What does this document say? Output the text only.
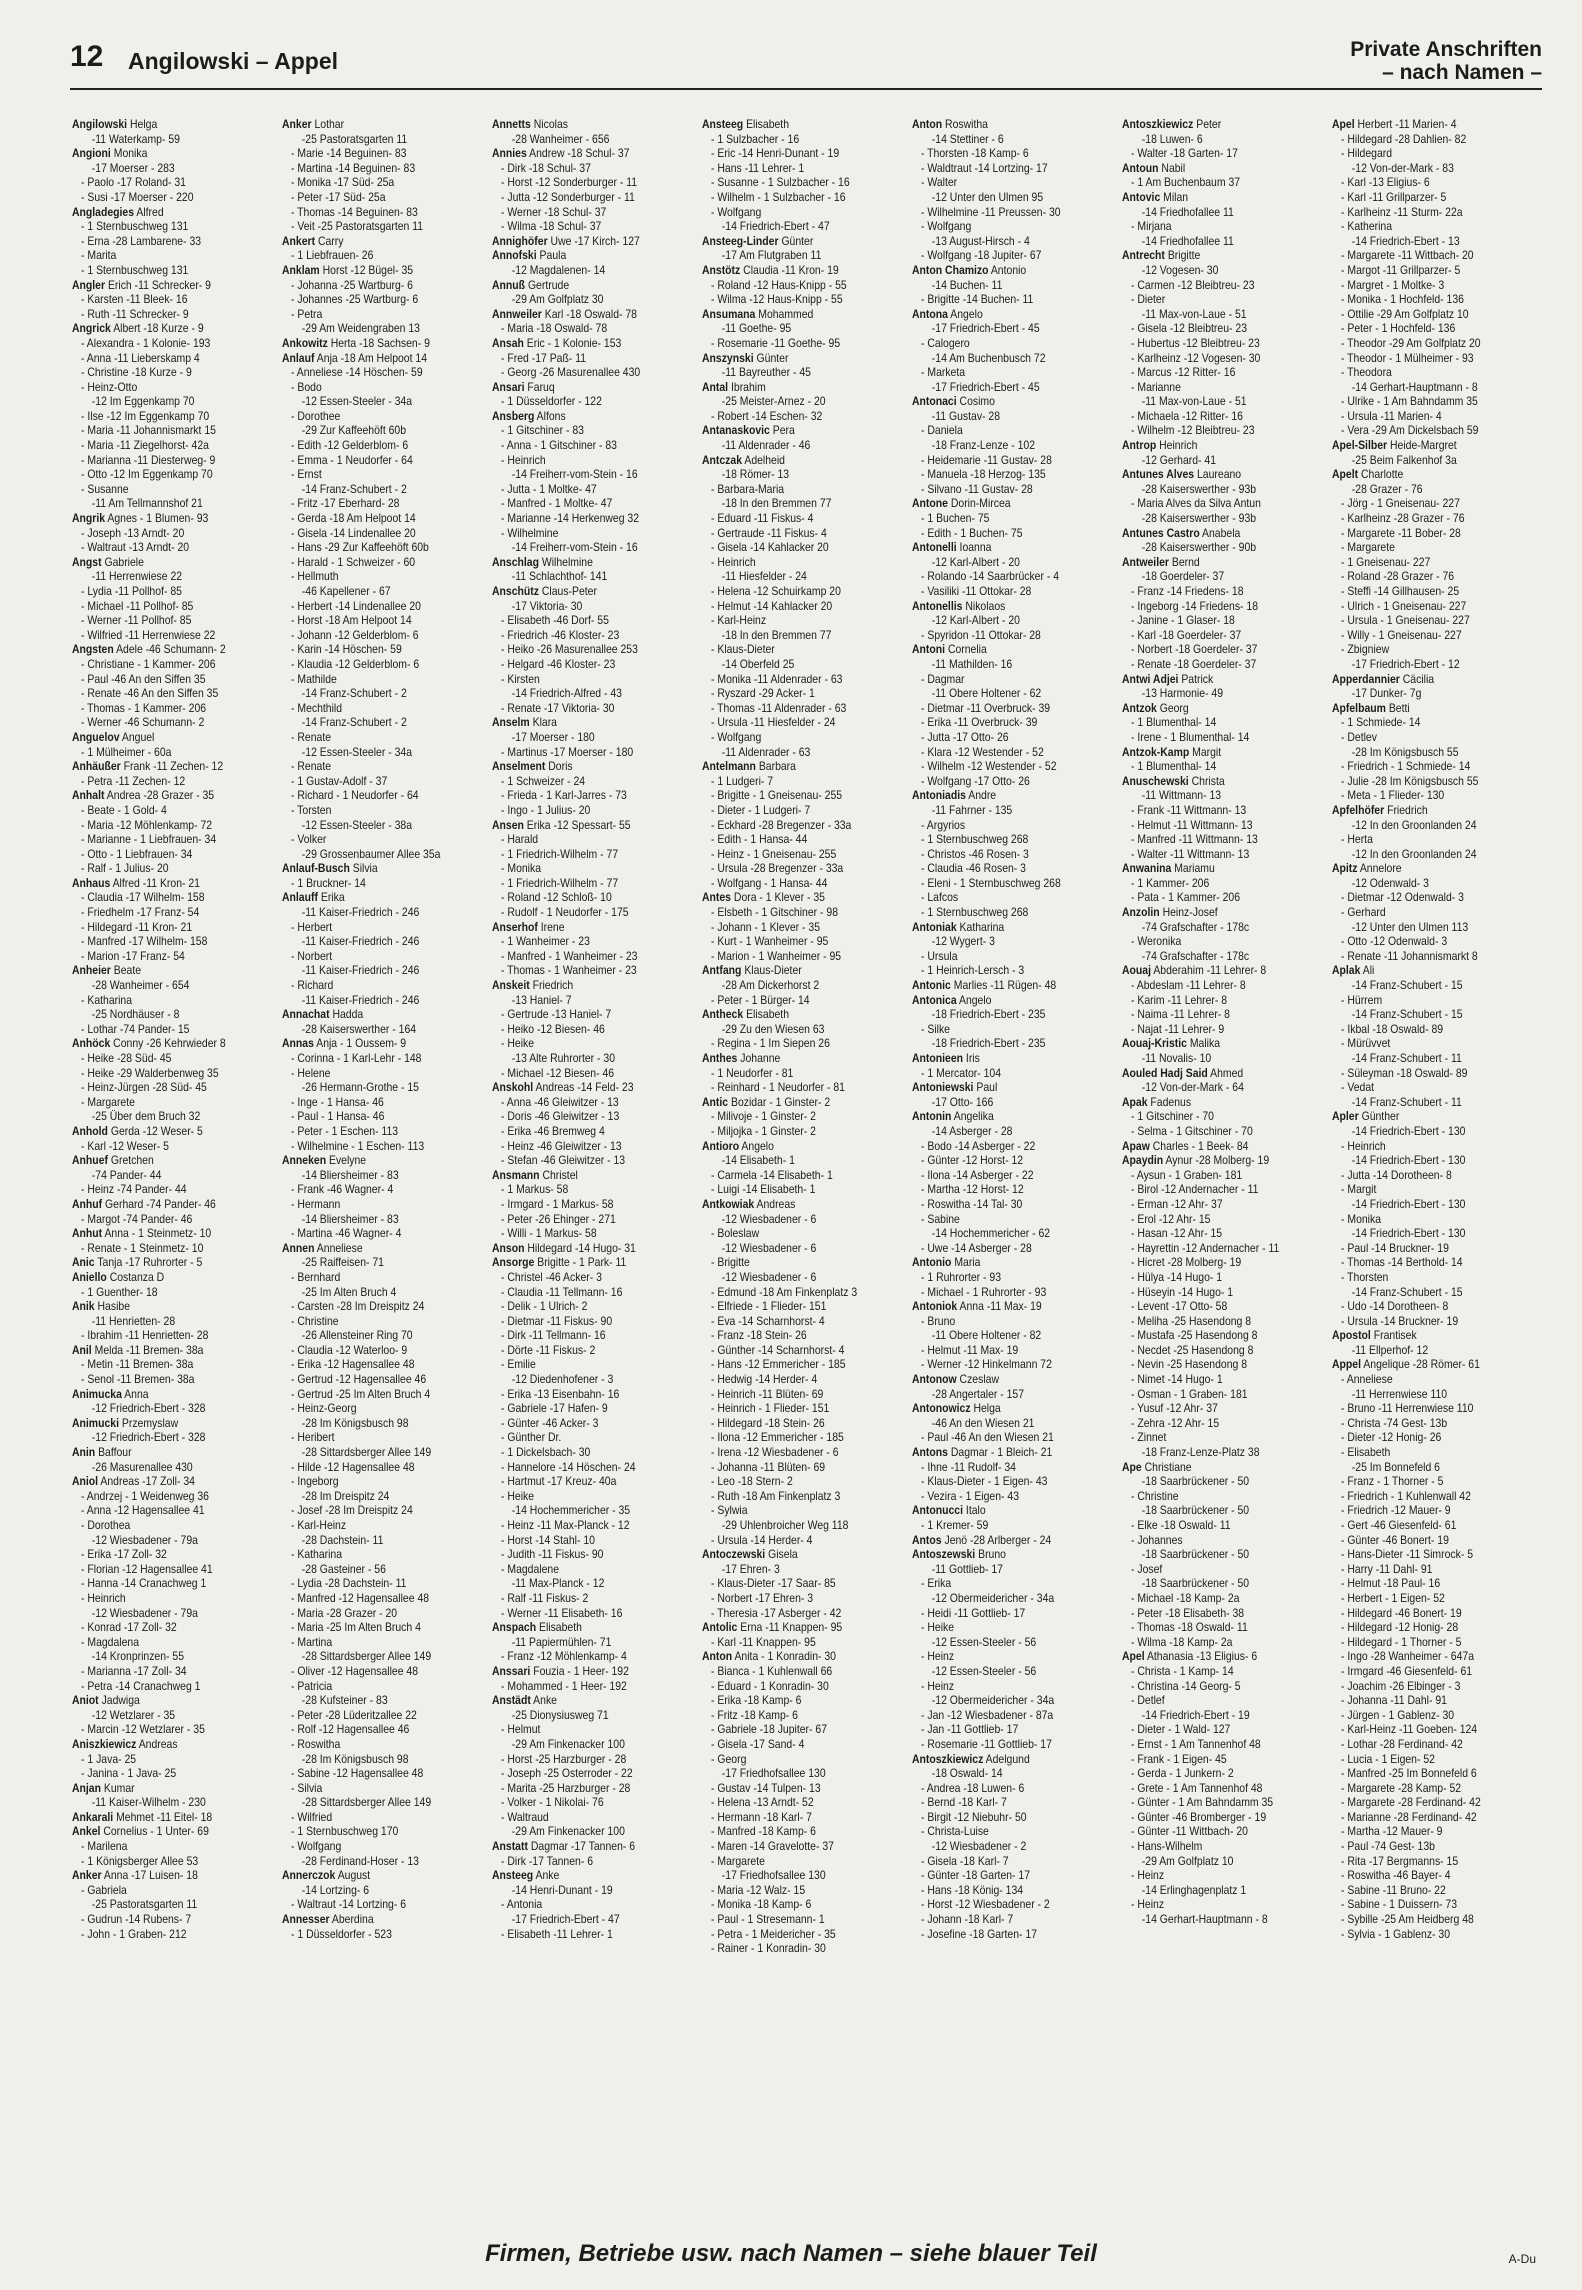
12 Angilowski – Appel	Private Anschriften
– nach Namen –
Angilowski Helga
-11 Waterkamp- 59
Angioni Monika
-17 Moerser - 283
- Paolo -17 Roland- 31
- Susi -17 Moerser - 220
Angladegies Alfred
- 1 Sternbuschweg 131
- Erna -28 Lambarene- 33
- Marita
- 1 Sternbuschweg 131
Angler Erich -11 Schrecker- 9
- Karsten -11 Bleek- 16
- Ruth -11 Schrecker- 9
Angrick Albert -18 Kurze - 9
- Alexandra - 1 Kolonie- 193
- Anna -11 Lieberskamp 4
- Christine -18 Kurze - 9
- Heinz-Otto
-12 Im Eggenkamp 70
- Ilse -12 Im Eggenkamp 70
- Maria -11 Johannismarkt 15
- Maria -11 Ziegelhorst- 42a
- Marianna -11 Diesterweg- 9
- Otto -12 Im Eggenkamp 70
- Susanne
-11 Am Tellmannshof 21
Angrik Agnes - 1 Blumen- 93
- Joseph -13 Arndt- 20
- Waltraut -13 Arndt- 20
Angst Gabriele
-11 Herrenwiese 22
- Lydia -11 Pollhof- 85
- Michael -11 Pollhof- 85
- Werner -11 Pollhof- 85
- Wilfried -11 Herrenwiese 22
Angsten Adele -46 Schumann- 2
- Christiane - 1 Kammer- 206
- Paul -46 An den Siffen 35
- Renate -46 An den Siffen 35
- Thomas - 1 Kammer- 206
- Werner -46 Schumann- 2
Anguelov Anguel
- 1 Mülheimer - 60a
Anhäußer Frank -11 Zechen- 12
- Petra -11 Zechen- 12
Anhalt Andrea -28 Grazer - 35
- Beate - 1 Gold- 4
- Maria -12 Möhlenkamp- 72
- Marianne - 1 Liebfrauen- 34
- Otto - 1 Liebfrauen- 34
- Ralf - 1 Julius- 20
Anhaus Alfred -11 Kron- 21
- Claudia -17 Wilhelm- 158
- Friedhelm -17 Franz- 54
- Hildegard -11 Kron- 21
- Manfred -17 Wilhelm- 158
- Marion -17 Franz- 54
Anheier Beate
-28 Wanheimer - 654
- Katharina
-25 Nordhäuser - 8
- Lothar -74 Pander- 15
Anhöck Conny -26 Kehrwieder 8
- Heike -28 Süd- 45
- Heike -29 Walderbenweg 35
- Heinz-Jürgen -28 Süd- 45
- Margarete
-25 Über dem Bruch 32
Anhold Gerda -12 Weser- 5
- Karl -12 Weser- 5
Anhuef Gretchen
-74 Pander- 44
- Heinz -74 Pander- 44
Anhuf Gerhard -74 Pander- 46
- Margot -74 Pander- 46
Anhut Anna - 1 Steinmetz- 10
- Renate - 1 Steinmetz- 10
Anic Tanja -17 Ruhrorter - 5
Aniello Costanza D
- 1 Guenther- 18
Anik Hasibe
-11 Henrietten- 28
- Ibrahim -11 Henrietten- 28
Anil Melda -11 Bremen- 38a
- Metin -11 Bremen- 38a
- Senol -11 Bremen- 38a
Animucka Anna
-12 Friedrich-Ebert - 328
Animucki Przemyslaw
-12 Friedrich-Ebert - 328
Anin Baffour
-26 Masurenallee 430
Aniol Andreas -17 Zoll- 34
- Andrzej - 1 Weidenweg 36
- Anna -12 Hagensallee 41
- Dorothea
-12 Wiesbadener - 79a
- Erika -17 Zoll- 32
- Florian -12 Hagensallee 41
- Hanna -14 Cranachweg 1
- Heinrich
-12 Wiesbadener - 79a
- Konrad -17 Zoll- 32
- Magdalena
-14 Kronprinzen- 55
- Marianna -17 Zoll- 34
- Petra -14 Cranachweg 1
Aniot Jadwiga
-12 Wetzlarer - 35
- Marcin -12 Wetzlarer - 35
Aniszkiewicz Andreas
- 1 Java- 25
- Janina - 1 Java- 25
Anjan Kumar
-11 Kaiser-Wilhelm - 230
Ankarali Mehmet -11 Eitel- 18
Ankel Cornelius - 1 Unter- 69
- Marilena
- 1 Königsberger Allee 53
Anker Anna -17 Luisen- 18
- Gabriela
-25 Pastoratsgarten 11
- Gudrun -14 Rubens- 7
- John - 1 Graben- 212
Anker Lothar
-25 Pastoratsgarten 11
- Marie -14 Beguinen- 83
- Martina -14 Beguinen- 83
- Monika -17 Süd- 25a
- Peter -17 Süd- 25a
- Thomas -14 Beguinen- 83
- Veit -25 Pastoratsgarten 11
Ankert Carry
- 1 Liebfrauen- 26
Anklam Horst -12 Bügel- 35
- Johanna -25 Wartburg- 6
- Johannes -25 Wartburg- 6
- Petra
-29 Am Weidengraben 13
Ankowitz Herta -18 Sachsen- 9
Anlauf Anja -18 Am Helpoot 14
- Anneliese -14 Höschen- 59
- Bodo
-12 Essen-Steeler - 34a
- Dorothee
-29 Zur Kaffeehöft 60b
- Edith -12 Gelderblom- 6
- Emma - 1 Neudorfer - 64
- Ernst
-14 Franz-Schubert - 2
- Fritz -17 Eberhard- 28
- Gerda -18 Am Helpoot 14
- Gisela -14 Lindenallee 20
- Hans -29 Zur Kaffeehöft 60b
- Harald - 1 Schweizer - 60
- Hellmuth
-46 Kapellener - 67
- Herbert -14 Lindenallee 20
- Horst -18 Am Helpoot 14
- Johann -12 Gelderblom- 6
- Karin -14 Höschen- 59
- Klaudia -12 Gelderblom- 6
- Mathilde
-14 Franz-Schubert - 2
- Mechthild
-14 Franz-Schubert - 2
- Renate
-12 Essen-Steeler - 34a
- Renate
- 1 Gustav-Adolf - 37
- Richard - 1 Neudorfer - 64
- Torsten
-12 Essen-Steeler - 38a
- Volker
-29 Grossenbaumer Allee 35a
Anlauf-Busch Silvia
- 1 Bruckner- 14
Anlauff Erika
-11 Kaiser-Friedrich - 246
- Herbert
-11 Kaiser-Friedrich - 246
- Norbert
-11 Kaiser-Friedrich - 246
- Richard
-11 Kaiser-Friedrich - 246
Annachat Hadda
-28 Kaiserswerther - 164
Annas Anja - 1 Oussem- 9
- Corinna - 1 Karl-Lehr - 148
- Helene
-26 Hermann-Grothe - 15
- Inge - 1 Hansa- 46
- Paul - 1 Hansa- 46
- Peter - 1 Eschen- 113
- Wilhelmine - 1 Eschen- 113
Anneken Evelyne
-14 Bliersheimer - 83
- Frank -46 Wagner- 4
- Hermann
-14 Bliersheimer - 83
- Martina -46 Wagner- 4
Annen Anneliese
-25 Raiffeisen- 71
- Bernhard
-25 Im Alten Bruch 4
- Carsten -28 Im Dreispitz 24
- Christine
-26 Allensteiner Ring 70
- Claudia -12 Waterloo- 9
- Erika -12 Hagensallee 48
- Gertrud -12 Hagensallee 46
- Gertrud -25 Im Alten Bruch 4
- Heinz-Georg
-28 Im Königsbusch 98
- Heribert
-28 Sittardsberger Allee 149
- Hilde -12 Hagensallee 48
- Ingeborg
-28 Im Dreispitz 24
- Josef -28 Im Dreispitz 24
- Karl-Heinz
-28 Dachstein- 11
- Katharina
-28 Gasteiner - 56
- Lydia -28 Dachstein- 11
- Manfred -12 Hagensallee 48
- Maria -28 Grazer - 20
- Maria -25 Im Alten Bruch 4
- Martina
-28 Sittardsberger Allee 149
- Oliver -12 Hagensallee 48
- Patricia
-28 Kufsteiner - 83
- Peter -28 Lüderitzallee 22
- Rolf -12 Hagensallee 46
- Roswitha
-28 Im Königsbusch 98
- Sabine -12 Hagensallee 48
- Silvia
-28 Sittardsberger Allee 149
- Wilfried
- 1 Sternbuschweg 170
- Wolfgang
-28 Ferdinand-Hoser - 13
Annerczok August
-14 Lortzing- 6
- Waltraut -14 Lortzing- 6
Annesser Aberdina
- 1 Düsseldorfer - 523
Annetts Nicolas
-28 Wanheimer - 656
Annies Andrew -18 Schul- 37
- Dirk -18 Schul- 37
- Horst -12 Sonderburger - 11
- Jutta -12 Sonderburger - 11
- Werner -18 Schul- 37
- Wilma -18 Schul- 37
Annighöfer Uwe -17 Kirch- 127
Annofski Paula
-12 Magdalenen- 14
Annuß Gertrude
-29 Am Golfplatz 30
Annweiler Karl -18 Oswald- 78
- Maria -18 Oswald- 78
Ansah Eric - 1 Kolonie- 153
- Fred -17 Paß- 11
- Georg -26 Masurenallee 430
Ansari Faruq
- 1 Düsseldorfer - 122
Ansberg Alfons
- 1 Gitschiner - 83
- Anna - 1 Gitschiner - 83
- Heinrich
-14 Freiherr-vom-Stein - 16
- Jutta - 1 Moltke- 47
- Manfred - 1 Moltke- 47
- Marianne -14 Herkenweg 32
- Wilhelmine
-14 Freiherr-vom-Stein - 16
Anschlag Wilhelmine
-11 Schlachthof- 141
Anschütz Claus-Peter
-17 Viktoria- 30
- Elisabeth -46 Dorf- 55
- Friedrich -46 Kloster- 23
- Heiko -26 Masurenallee 253
- Helgard -46 Kloster- 23
- Kirsten
-14 Friedrich-Alfred - 43
- Renate -17 Viktoria- 30
Anselm Klara
-17 Moerser - 180
- Martinus -17 Moerser - 180
Anselment Doris
- 1 Schweizer - 24
- Frieda - 1 Karl-Jarres - 73
- Ingo - 1 Julius- 20
Ansen Erika -12 Spessart- 55
- Harald
- 1 Friedrich-Wilhelm - 77
- Monika
- 1 Friedrich-Wilhelm - 77
- Roland -12 Schloß- 10
- Rudolf - 1 Neudorfer - 175
Anserhof Irene
- 1 Wanheimer - 23
- Manfred - 1 Wanheimer - 23
- Thomas - 1 Wanheimer - 23
Anskeit Friedrich
-13 Haniel- 7
- Gertrude -13 Haniel- 7
- Heiko -12 Biesen- 46
- Heike
-13 Alte Ruhrorter - 30
- Michael -12 Biesen- 46
Anskohl Andreas -14 Feld- 23
- Anna -46 Gleiwitzer - 13
- Doris -46 Gleiwitzer - 13
- Erika -46 Bremweg 4
- Heinz -46 Gleiwitzer - 13
- Stefan -46 Gleiwitzer - 13
Ansmann Christel
- 1 Markus- 58
- Irmgard - 1 Markus- 58
- Peter -26 Ehinger - 271
- Willi - 1 Markus- 58
Anson Hildegard -14 Hugo- 31
Ansorge Brigitte - 1 Park- 11
- Christel -46 Acker- 3
- Claudia -11 Tellmann- 16
- Delik - 1 Ulrich- 2
- Dietmar -11 Fiskus- 90
- Dirk -11 Tellmann- 16
- Dörte -11 Fiskus- 2
- Emilie
-12 Diedenhofener - 3
- Erika -13 Eisenbahn- 16
- Gabriele -17 Hafen- 9
- Günter -46 Acker- 3
- Günther Dr.
- 1 Dickelsbach- 30
- Hannelore -14 Höschen- 24
- Hartmut -17 Kreuz- 40a
- Heike
-14 Hochemmericher - 35
- Heinz -11 Max-Planck - 12
- Horst -14 Stahl- 10
- Judith -11 Fiskus- 90
- Magdalene
-11 Max-Planck - 12
- Ralf -11 Fiskus- 2
- Werner -11 Elisabeth- 16
Anspach Elisabeth
-11 Papiermühlen- 71
- Franz -12 Möhlenkamp- 4
Anssari Fouzia - 1 Heer- 192
- Mohammed - 1 Heer- 192
Anstädt Anke
-25 Dionysiusweg 71
- Helmut
-29 Am Finkenacker 100
- Horst -25 Harzburger - 28
- Joseph -25 Osterroder - 22
- Marita -25 Harzburger - 28
- Volker - 1 Nikolai- 76
- Waltraud
-29 Am Finkenacker 100
Anstatt Dagmar -17 Tannen- 6
- Dirk -17 Tannen- 6
Ansteeg Anke
-14 Henri-Dunant - 19
- Antonia
-17 Friedrich-Ebert - 47
- Elisabeth -11 Lehrer- 1
Ansteeg Elisabeth
- 1 Sulzbacher - 16
- Eric -14 Henri-Dunant - 19
- Hans -11 Lehrer- 1
- Susanne - 1 Sulzbacher - 16
- Wilhelm - 1 Sulzbacher - 16
- Wolfgang
-14 Friedrich-Ebert - 47
Ansteeg-Linder Günter
-17 Am Flutgraben 11
Anstötz Claudia -11 Kron- 19
- Roland -12 Haus-Knipp - 55
- Wilma -12 Haus-Knipp - 55
Ansumana Mohammed
-11 Goethe- 95
- Rosemarie -11 Goethe- 95
Anszynski Günter
-11 Bayreuther - 45
Antal Ibrahim
-25 Meister-Arnez - 20
- Robert -14 Eschen- 32
Antanaskovic Pera
-11 Aldenrader - 46
Antczak Adelheid
-18 Römer- 13
- Barbara-Maria
-18 In den Bremmen 77
- Eduard -11 Fiskus- 4
- Gertraude -11 Fiskus- 4
- Gisela -14 Kahlacker 20
- Heinrich
-11 Hiesfelder - 24
- Helena -12 Schuirkamp 20
- Helmut -14 Kahlacker 20
- Karl-Heinz
-18 In den Bremmen 77
- Klaus-Dieter
-14 Oberfeld 25
- Monika -11 Aldenrader - 63
- Ryszard -29 Acker- 1
- Thomas -11 Aldenrader - 63
- Ursula -11 Hiesfelder - 24
- Wolfgang
-11 Aldenrader - 63
Antelmann Barbara
- 1 Ludgeri- 7
- Brigitte - 1 Gneisenau- 255
- Dieter - 1 Ludgeri- 7
- Eckhard -28 Bregenzer - 33a
- Edith - 1 Hansa- 44
- Heinz - 1 Gneisenau- 255
- Ursula -28 Bregenzer - 33a
- Wolfgang - 1 Hansa- 44
Antes Dora - 1 Klever - 35
- Elsbeth - 1 Gitschiner - 98
- Johann - 1 Klever - 35
- Kurt - 1 Wanheimer - 95
- Marion - 1 Wanheimer - 95
Antfang Klaus-Dieter
-28 Am Dickerhorst 2
- Peter - 1 Bürger- 14
Antheck Elisabeth
-29 Zu den Wiesen 63
- Regina - 1 Im Siepen 26
Anthes Johanne
- 1 Neudorfer - 81
- Reinhard - 1 Neudorfer - 81
Antic Bozidar - 1 Ginster- 2
- Milivoje - 1 Ginster- 2
- Miljojka - 1 Ginster- 2
Antioro Angelo
-14 Elisabeth- 1
- Carmela -14 Elisabeth- 1
- Luigi -14 Elisabeth- 1
Antkowiak Andreas
-12 Wiesbadener - 6
- Boleslaw
-12 Wiesbadener - 6
- Brigitte
-12 Wiesbadener - 6
- Edmund -18 Am Finkenplatz 3
- Elfriede - 1 Flieder- 151
- Eva -14 Scharnhorst- 4
- Franz -18 Stein- 26
- Günther -14 Scharnhorst- 4
- Hans -12 Emmericher - 185
- Hedwig -14 Herder- 4
- Heinrich -11 Blüten- 69
- Heinrich - 1 Flieder- 151
- Hildegard -18 Stein- 26
- Ilona -12 Emmericher - 185
- Irena -12 Wiesbadener - 6
- Johanna -11 Blüten- 69
- Leo -18 Stern- 2
- Ruth -18 Am Finkenplatz 3
- Sylwia
-29 Uhlenbroicher Weg 118
- Ursula -14 Herder- 4
Antoczewski Gisela
-17 Ehren- 3
- Klaus-Dieter -17 Saar- 85
- Norbert -17 Ehren- 3
- Theresia -17 Asberger - 42
Antolic Erna -11 Knappen- 95
- Karl -11 Knappen- 95
Anton Anita - 1 Konradin- 30
- Bianca - 1 Kuhlenwall 66
- Eduard - 1 Konradin- 30
- Erika -18 Kamp- 6
- Fritz -18 Kamp- 6
- Gabriele -18 Jupiter- 67
- Gisela -17 Sand- 4
- Georg
-17 Friedhofsallee 130
- Gustav -14 Tulpen- 13
- Helena -13 Arndt- 52
- Hermann -18 Karl- 7
- Manfred -18 Kamp- 6
- Maren -14 Gravelotte- 37
- Margarete
-17 Friedhofsallee 130
- Maria -12 Walz- 15
- Monika -18 Kamp- 6
- Paul - 1 Stresemann- 1
- Petra - 1 Meidericher - 35
- Rainer - 1 Konradin- 30
Anton Roswitha
-14 Stettiner - 6
- Thorsten -18 Kamp- 6
- Waldtraut -14 Lortzing- 17
- Walter
-12 Unter den Ulmen 95
- Wilhelmine -11 Preussen- 30
- Wolfgang
-13 August-Hirsch - 4
- Wolfgang -18 Jupiter- 67
Anton Chamizo Antonio
-14 Buchen- 11
- Brigitte -14 Buchen- 11
Antona Angelo
-17 Friedrich-Ebert - 45
- Calogero
-14 Am Buchenbusch 72
- Marketa
-17 Friedrich-Ebert - 45
Antonaci Cosimo
-11 Gustav- 28
- Daniela
-18 Franz-Lenze - 102
- Heidemarie -11 Gustav- 28
- Manuela -18 Herzog- 135
- Silvano -11 Gustav- 28
Antone Dorin-Mircea
- 1 Buchen- 75
- Edith - 1 Buchen- 75
Antonelli Ioanna
-12 Karl-Albert - 20
- Rolando -14 Saarbrücker - 4
- Vasiliki -11 Ottokar- 28
Antonellis Nikolaos
-12 Karl-Albert - 20
- Spyridon -11 Ottokar- 28
Antoni Cornelia
-11 Mathilden- 16
- Dagmar
-11 Obere Holtener - 62
- Dietmar -11 Overbruck- 39
- Erika -11 Overbruck- 39
- Jutta -17 Otto- 26
- Klara -12 Westender - 52
- Wilhelm -12 Westender - 52
- Wolfgang -17 Otto- 26
Antoniadis Andre
-11 Fahrner - 135
- Argyrios
- 1 Sternbuschweg 268
- Christos -46 Rosen- 3
- Claudia -46 Rosen- 3
- Eleni - 1 Sternbuschweg 268
- Lafcos
- 1 Sternbuschweg 268
Antoniak Katharina
-12 Wygert- 3
- Ursula
- 1 Heinrich-Lersch - 3
Antonic Marlies -11 Rügen- 48
Antonica Angelo
-18 Friedrich-Ebert - 235
- Silke
-18 Friedrich-Ebert - 235
Antonieen Iris
- 1 Mercator- 104
Antoniewski Paul
-17 Otto- 166
Antonin Angelika
-14 Asberger - 28
- Bodo -14 Asberger - 22
- Günter -12 Horst- 12
- Ilona -14 Asberger - 22
- Martha -12 Horst- 12
- Roswitha -14 Tal- 30
- Sabine
-14 Hochemmericher - 62
- Uwe -14 Asberger - 28
Antonio Maria
- 1 Ruhrorter - 93
- Michael - 1 Ruhrorter - 93
Antoniok Anna -11 Max- 19
- Bruno
-11 Obere Holtener - 82
- Helmut -11 Max- 19
- Werner -12 Hinkelmann 72
Antonow Czeslaw
-28 Angertaler - 157
Antonowicz Helga
-46 An den Wiesen 21
- Paul -46 An den Wiesen 21
Antons Dagmar - 1 Bleich- 21
- Ihne -11 Rudolf- 34
- Klaus-Dieter - 1 Eigen- 43
- Vezira - 1 Eigen- 43
Antonucci Italo
- 1 Kremer- 59
Antos Jenö -28 Arlberger - 24
Antoszewski Bruno
-11 Gottlieb- 17
- Erika
-12 Obermeidericher - 34a
- Heidi -11 Gottlieb- 17
- Heike
-12 Essen-Steeler - 56
- Heinz
-12 Essen-Steeler - 56
- Heinz
-12 Obermeidericher - 34a
- Jan -12 Wiesbadener - 87a
- Jan -11 Gottlieb- 17
- Rosemarie -11 Gottlieb- 17
Antoszkiewicz Adelgund
-18 Oswald- 14
- Andrea -18 Luwen- 6
- Bernd -18 Karl- 7
- Birgit -12 Niebuhr- 50
- Christa-Luise
-12 Wiesbadener - 2
- Gisela -18 Karl- 7
- Günter -18 Garten- 17
- Hans -18 König- 134
- Horst -12 Wiesbadener - 2
- Johann -18 Karl- 7
- Josefine -18 Garten- 17
Antoszkiewicz Peter
-18 Luwen- 6
- Walter -18 Garten- 17
Antoun Nabil
- 1 Am Buchenbaum 37
Antovic Milan
-14 Friedhofallee 11
- Mirjana
-14 Friedhofallee 11
Antrecht Brigitte
-12 Vogesen- 30
- Carmen -12 Bleibtreu- 23
- Dieter
-11 Max-von-Laue - 51
- Gisela -12 Bleibtreu- 23
- Hubertus -12 Bleibtreu- 23
- Karlheinz -12 Vogesen- 30
- Marcus -12 Ritter- 16
- Marianne
-11 Max-von-Laue - 51
- Michaela -12 Ritter- 16
- Wilhelm -12 Bleibtreu- 23
Antrop Heinrich
-12 Gerhard- 41
Antunes Alves Laureano
-28 Kaiserswerther - 93b
- Maria Alves da Silva Antun
-28 Kaiserswerther - 93b
Antunes Castro Anabela
-28 Kaiserswerther - 90b
Antweiler Bernd
-18 Goerdeler- 37
- Franz -14 Friedens- 18
- Ingeborg -14 Friedens- 18
- Janine - 1 Glaser- 18
- Karl -18 Goerdeler- 37
- Norbert -18 Goerdeler- 37
- Renate -18 Goerdeler- 37
Antwi Adjei Patrick
-13 Harmonie- 49
Antzok Georg
- 1 Blumenthal- 14
- Irene - 1 Blumenthal- 14
Antzok-Kamp Margit
- 1 Blumenthal- 14
Anuschewski Christa
-11 Wittmann- 13
- Frank -11 Wittmann- 13
- Helmut -11 Wittmann- 13
- Manfred -11 Wittmann- 13
- Walter -11 Wittmann- 13
Anwanina Mariamu
- 1 Kammer- 206
- Pata - 1 Kammer- 206
Anzolin Heinz-Josef
-74 Grafschafter - 178c
- Weronika
-74 Grafschafter - 178c
Aouaj Abderahim -11 Lehrer- 8
- Abdeslam -11 Lehrer- 8
- Karim -11 Lehrer- 8
- Naima -11 Lehrer- 8
- Najat -11 Lehrer- 9
Aouaj-Kristic Malika
-11 Novalis- 10
Aouled Hadj Said Ahmed
-12 Von-der-Mark - 64
Apak Fadenus
- 1 Gitschiner - 70
- Selma - 1 Gitschiner - 70
Apaw Charles - 1 Beek- 84
Apaydin Aynur -28 Molberg- 19
- Aysun - 1 Graben- 181
- Birol -12 Andernacher - 11
- Erman -12 Ahr- 37
- Erol -12 Ahr- 15
- Hasan -12 Ahr- 15
- Hayrettin -12 Andernacher - 11
- Hicret -28 Molberg- 19
- Hülya -14 Hugo- 1
- Hüseyin -14 Hugo- 1
- Levent -17 Otto- 58
- Meliha -25 Hasendong 8
- Mustafa -25 Hasendong 8
- Necdet -25 Hasendong 8
- Nevin -25 Hasendong 8
- Nimet -14 Hugo- 1
- Osman - 1 Graben- 181
- Yusuf -12 Ahr- 37
- Zehra -12 Ahr- 15
- Zinnet
-18 Franz-Lenze-Platz 38
Ape Christiane
-18 Saarbrückener - 50
- Christine
-18 Saarbrückener - 50
- Elke -18 Oswald- 11
- Johannes
-18 Saarbrückener - 50
- Josef
-18 Saarbrückener - 50
- Michael -18 Kamp- 2a
- Peter -18 Elisabeth- 38
- Thomas -18 Oswald- 11
- Wilma -18 Kamp- 2a
Apel Athanasia -13 Eligius- 6
- Christa - 1 Kamp- 14
- Christina -14 Georg- 5
- Detlef
-14 Friedrich-Ebert - 19
- Dieter - 1 Wald- 127
- Ernst - 1 Am Tannenhof 48
- Frank - 1 Eigen- 45
- Gerda - 1 Junkern- 2
- Grete - 1 Am Tannenhof 48
- Günter - 1 Am Bahndamm 35
- Günter -46 Bromberger - 19
- Günter -11 Wittbach- 20
- Hans-Wilhelm
-29 Am Golfplatz 10
- Heinz
-14 Erlinghagenplatz 1
- Heinz
-14 Gerhart-Hauptmann - 8
Apel Herbert -11 Marien- 4
- Hildegard -28 Dahlien- 82
- Hildegard
-12 Von-der-Mark - 83
- Karl -13 Eligius- 6
- Karl -11 Grillparzer- 5
- Karlheinz -11 Sturm- 22a
- Katherina
-14 Friedrich-Ebert - 13
- Margarete -11 Wittbach- 20
- Margot -11 Grillparzer- 5
- Margret - 1 Moltke- 3
- Monika - 1 Hochfeld- 136
- Ottilie -29 Am Golfplatz 10
- Peter - 1 Hochfeld- 136
- Theodor -29 Am Golfplatz 20
- Theodor - 1 Mülheimer - 93
- Theodora
-14 Gerhart-Hauptmann - 8
- Ulrike - 1 Am Bahndamm 35
- Ursula -11 Marien- 4
- Vera -29 Am Dickelsbach 59
Apel-Silber Heide-Margret
-25 Beim Falkenhof 3a
Apelt Charlotte
-28 Grazer - 76
- Jörg - 1 Gneisenau- 227
- Karlheinz -28 Grazer - 76
- Margarete -11 Bober- 28
- Margarete
- 1 Gneisenau- 227
- Roland -28 Grazer - 76
- Steffi -14 Gillhausen- 25
- Ulrich - 1 Gneisenau- 227
- Ursula - 1 Gneisenau- 227
- Willy - 1 Gneisenau- 227
- Zbigniew
-17 Friedrich-Ebert - 12
Apperdannier Cäcilia
-17 Dunker- 7g
Apfelbaum Betti
- 1 Schmiede- 14
- Detlev
-28 Im Königsbusch 55
- Friedrich - 1 Schmiede- 14
- Julie -28 Im Königsbusch 55
- Meta - 1 Flieder- 130
Apfelhöfer Friedrich
-12 In den Groonlanden 24
- Herta
-12 In den Groonlanden 24
Apitz Annelore
-12 Odenwald- 3
- Dietmar -12 Odenwald- 3
- Gerhard
-12 Unter den Ulmen 113
- Otto -12 Odenwald- 3
- Renate -11 Johannismarkt 8
Aplak Ali
-14 Franz-Schubert - 15
- Hürrem
-14 Franz-Schubert - 15
- Ikbal -18 Oswald- 89
- Mürüvvet
-14 Franz-Schubert - 11
- Süleyman -18 Oswald- 89
- Vedat
-14 Franz-Schubert - 11
Apler Günther
-14 Friedrich-Ebert - 130
- Heinrich
-14 Friedrich-Ebert - 130
- Jutta -14 Dorotheen- 8
- Margit
-14 Friedrich-Ebert - 130
- Monika
-14 Friedrich-Ebert - 130
- Paul -14 Bruckner- 19
- Thomas -14 Berthold- 14
- Thorsten
-14 Franz-Schubert - 15
- Udo -14 Dorotheen- 8
- Ursula -14 Bruckner- 19
Apostol Frantisek
-11 Ellperhof- 12
Appel Angelique -28 Römer- 61
- Anneliese
-11 Herrenwiese 110
- Bruno -11 Herrenwiese 110
- Christa -74 Gest- 13b
- Dieter -12 Honig- 26
- Elisabeth
-25 Im Bonnefeld 6
- Franz - 1 Thorner - 5
- Friedrich - 1 Kuhlenwall 42
- Friedrich -12 Mauer- 9
- Gert -46 Giesenfeld- 61
- Günter -46 Bonert- 19
- Hans-Dieter -11 Simrock- 5
- Harry -11 Dahl- 91
- Helmut -18 Paul- 16
- Herbert - 1 Eigen- 52
- Hildegard -46 Bonert- 19
- Hildegard -12 Honig- 28
- Hildegard - 1 Thorner - 5
- Ingo -28 Wanheimer - 647a
- Irmgard -46 Giesenfeld- 61
- Joachim -26 Elbinger - 3
- Johanna -11 Dahl- 91
- Jürgen - 1 Gablenz- 30
- Karl-Heinz -11 Goeben- 124
- Lothar -28 Ferdinand- 42
- Lucia - 1 Eigen- 52
- Manfred -25 Im Bonnefeld 6
- Margarete -28 Kamp- 52
- Margarete -28 Ferdinand- 42
- Marianne -28 Ferdinand- 42
- Martha -12 Mauer- 9
- Paul -74 Gest- 13b
- Rita -17 Bergmanns- 15
- Roswitha -46 Bayer- 4
- Sabine -11 Bruno- 22
- Sabine - 1 Duissern- 73
- Sybille -25 Am Heidberg 48
- Sylvia - 1 Gablenz- 30
Firmen, Betriebe usw. nach Namen – siehe blauer Teil	A-Du
